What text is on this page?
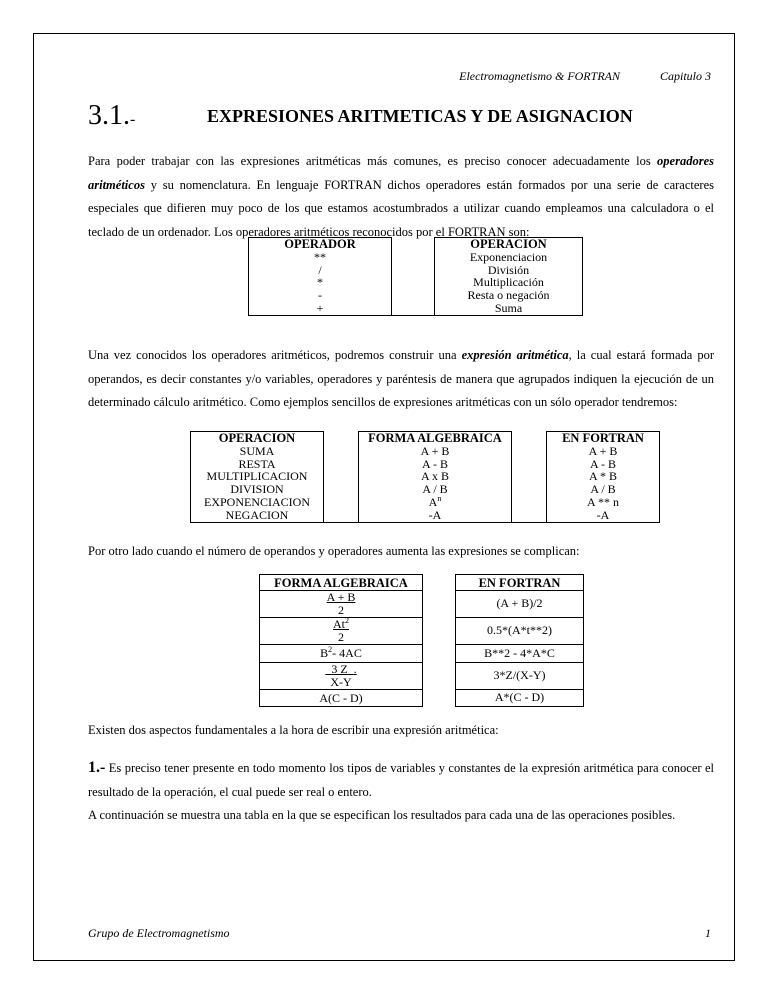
Electromagnetismo & FORTRAN	Capitulo 3
3.1.-	EXPRESIONES ARITMETICAS Y DE ASIGNACION
Para poder trabajar con las expresiones aritméticas más comunes, es preciso conocer adecuadamente los operadores aritméticos y su nomenclatura. En lenguaje FORTRAN dichos operadores están formados por una serie de caracteres especiales que difieren muy poco de los que estamos acostumbrados a utilizar cuando empleamos una calculadora o el teclado de un ordenador. Los operadores aritméticos reconocidos por el FORTRAN son:
OPERADOR		OPERACION
**		Exponenciacion
/		División
*		Multiplicación
-		Resta o negación
+		Suma
Una vez conocidos los operadores aritméticos, podremos construir una expresión aritmética, la cual estará formada por operandos, es decir constantes y/o variables, operadores y paréntesis de manera que agrupados indiquen la ejecución de un determinado cálculo aritmético. Como ejemplos sencillos de expresiones aritméticas con un sólo operador tendremos:
OPERACION		FORMA ALGEBRAICA		EN FORTRAN
SUMA		A + B		A + B
RESTA		A - B		A - B
MULTIPLICACION		A x B		A * B
DIVISION		A / B		A / B
EXPONENCIACION		$A^n$		A ** n
NEGACION		-A		-A
Por otro lado cuando el número de operandos y operadores aumenta las expresiones se complican:
FORMA ALGEBRAICA		EN FORTRAN
A + B
2		(A + B)/2
At$^2$
2		0.5*(A*t**2)
$B^2-$ 4AC		B**2 - 4*A*C
3 Z .
X-Y		3*Z/(X-Y)
A(C - D)		A*(C - D)
Existen dos aspectos fundamentales a la hora de escribir una expresión aritmética:
1.- Es preciso tener presente en todo momento los tipos de variables y constantes de la expresión aritmética para conocer el resultado de la operación, el cual puede ser real o entero.
A continuación se muestra una tabla en la que se especifican los resultados para cada una de las operaciones posibles.
Grupo de Electromagnetismo	1
